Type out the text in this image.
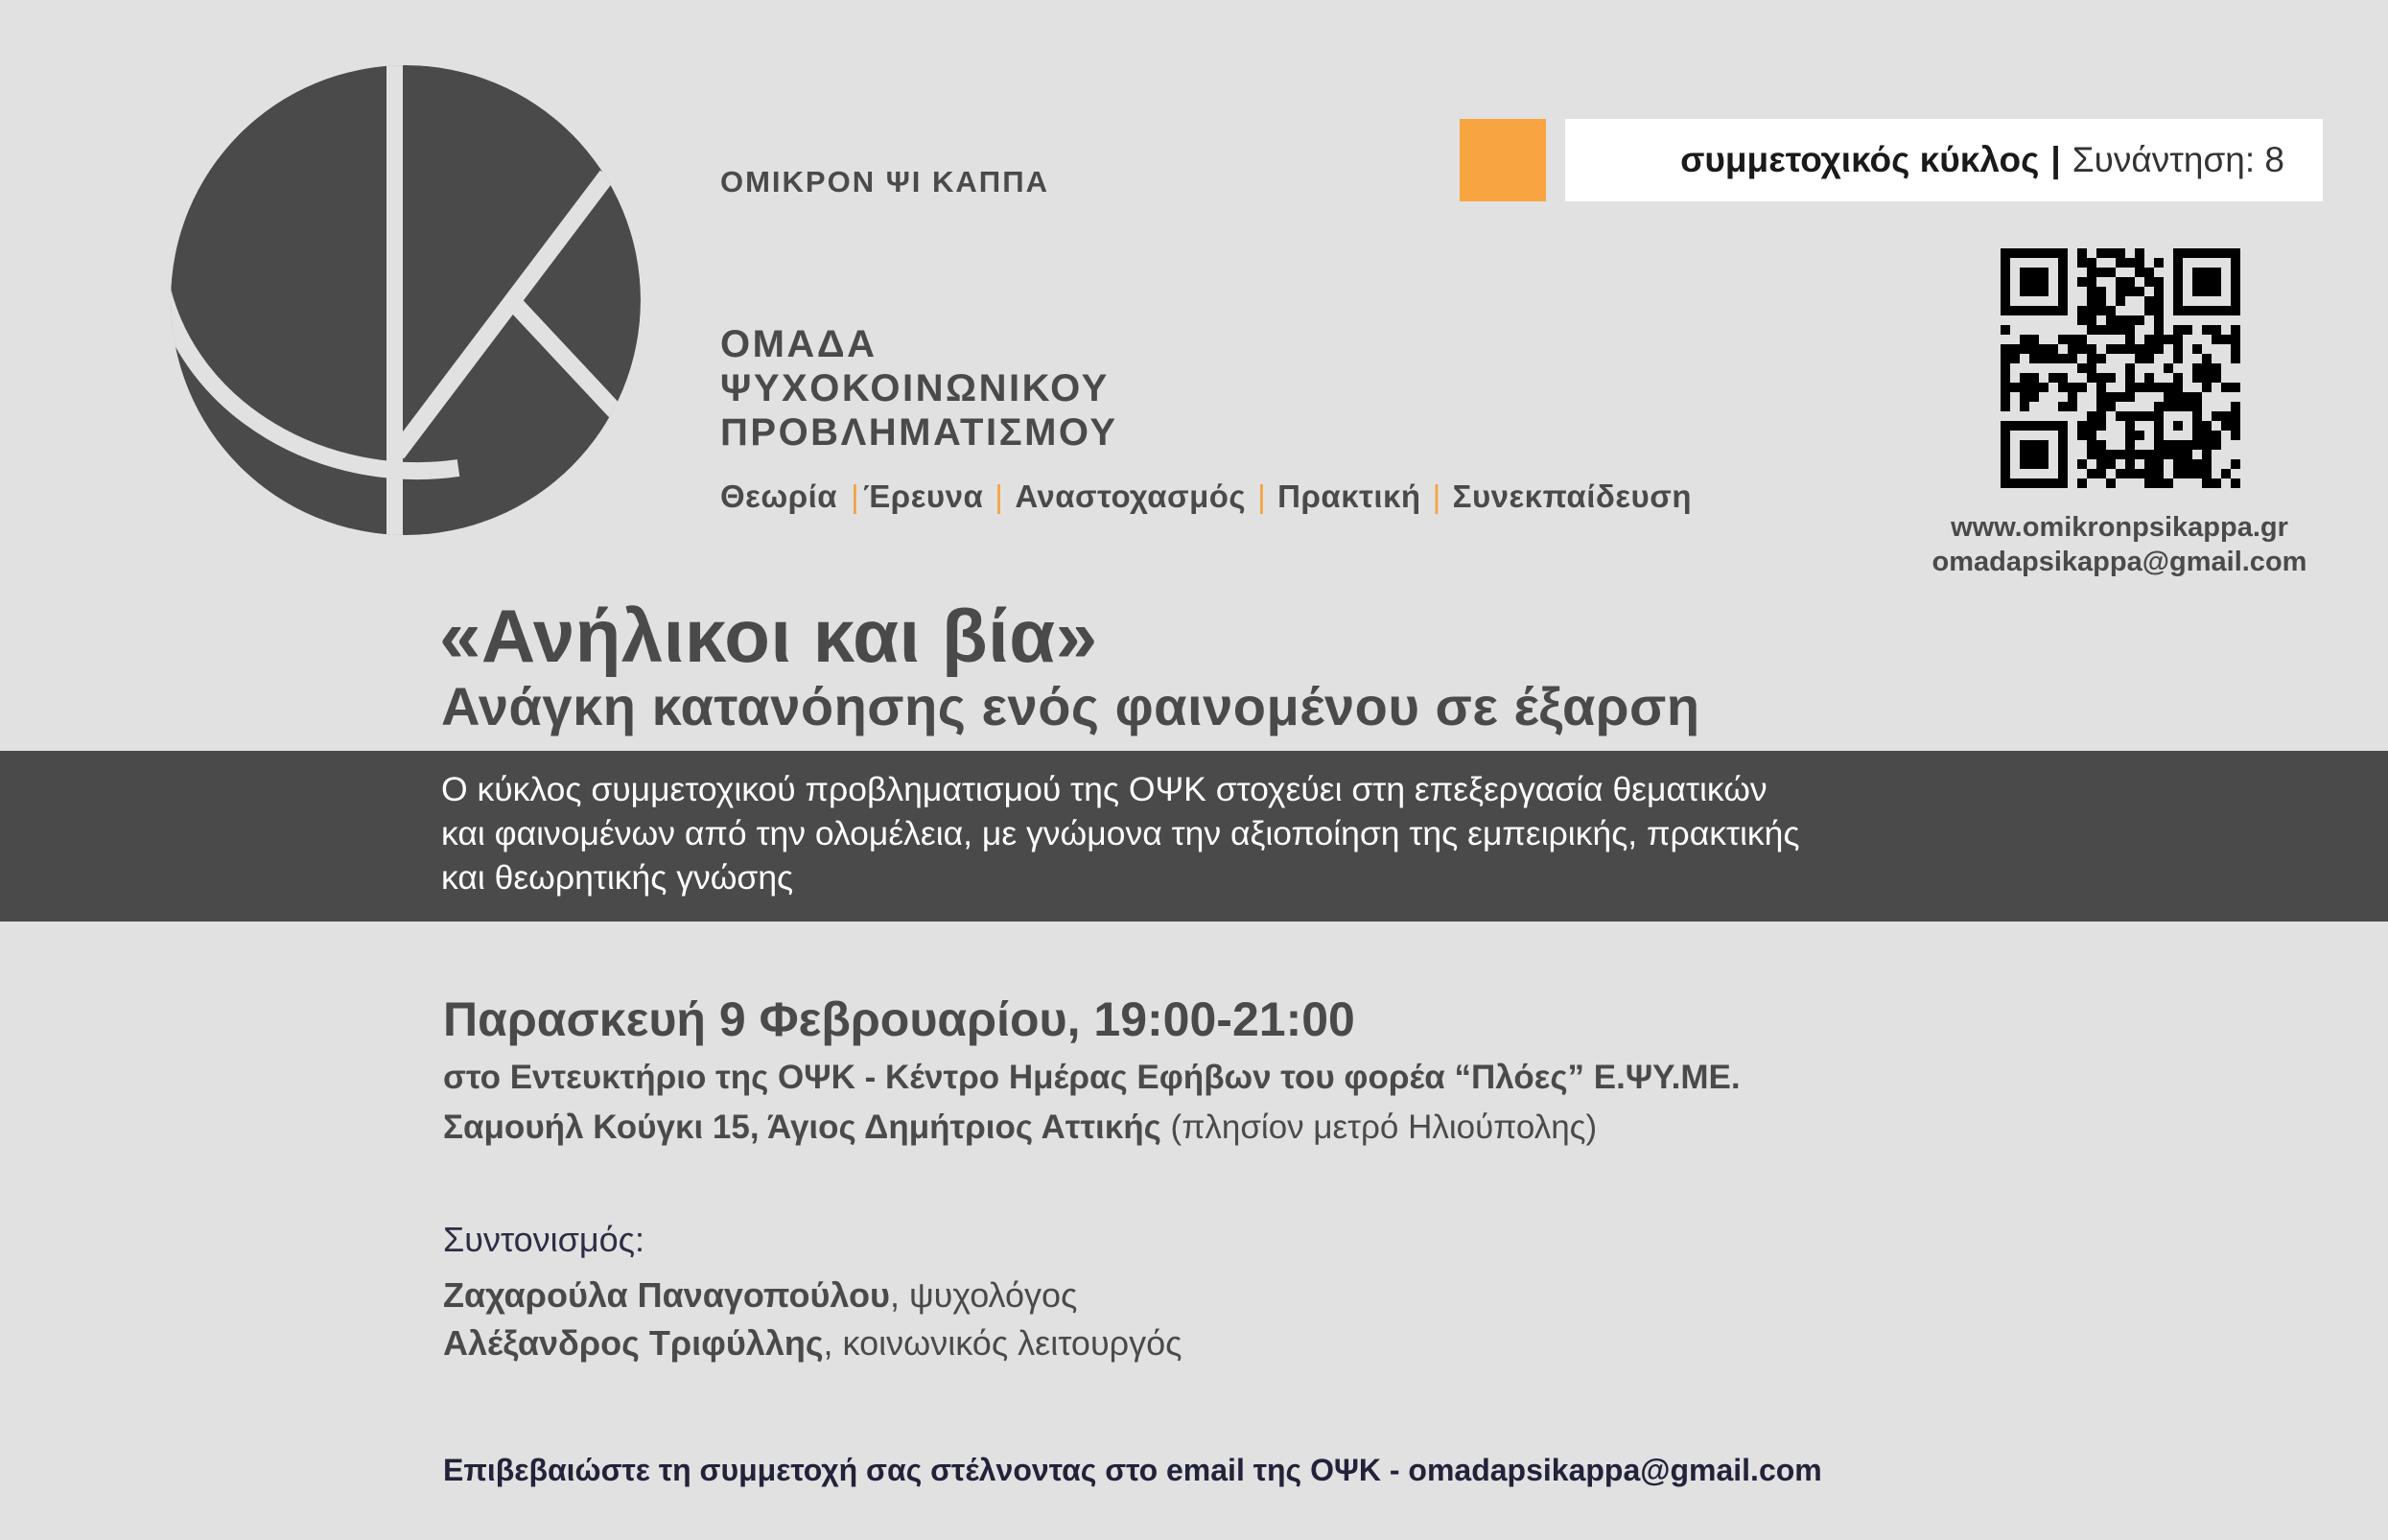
ΟΜΙΚΡΟΝ ΨΙ ΚΑΠΠΑ
ΟΜΑΔΑ
ΨΥΧΟΚΟΙΝΩΝΙΚΟΥ
ΠΡΟΒΛΗΜΑΤΙΣΜΟΥ
Θεωρία | Έρευνα | Αναστοχασμός | Πρακτική | Συνεκπαίδευση
συμμετοχικός κύκλος | Συνάντηση: 8
www.omikronpsikappa.gr
omadapsikappa@gmail.com
«Ανήλικοι και βία»
Ανάγκη κατανόησης ενός φαινομένου σε έξαρση
Ο κύκλος συμμετοχικού προβληματισμού της ΟΨΚ στοχεύει στη επεξεργασία θεματικών
και φαινομένων από την ολομέλεια, με γνώμονα την αξιοποίηση της εμπειρικής, πρακτικής
και θεωρητικής γνώσης
Παρασκευή 9 Φεβρουαρίου, 19:00-21:00
στο Εντευκτήριο της ΟΨΚ - Κέντρο Ημέρας Εφήβων του φορέα “Πλόες” Ε.ΨΥ.ΜΕ.
Σαμουήλ Κούγκι 15, Άγιος Δημήτριος Αττικής (πλησίον μετρό Ηλιούπολης)
Συντονισμός:
Ζαχαρούλα Παναγοπούλου, ψυχολόγος
Αλέξανδρος Τριφύλλης, κοινωνικός λειτουργός
Επιβεβαιώστε τη συμμετοχή σας στέλνοντας στο email της ΟΨΚ - omadapsikappa@gmail.com
